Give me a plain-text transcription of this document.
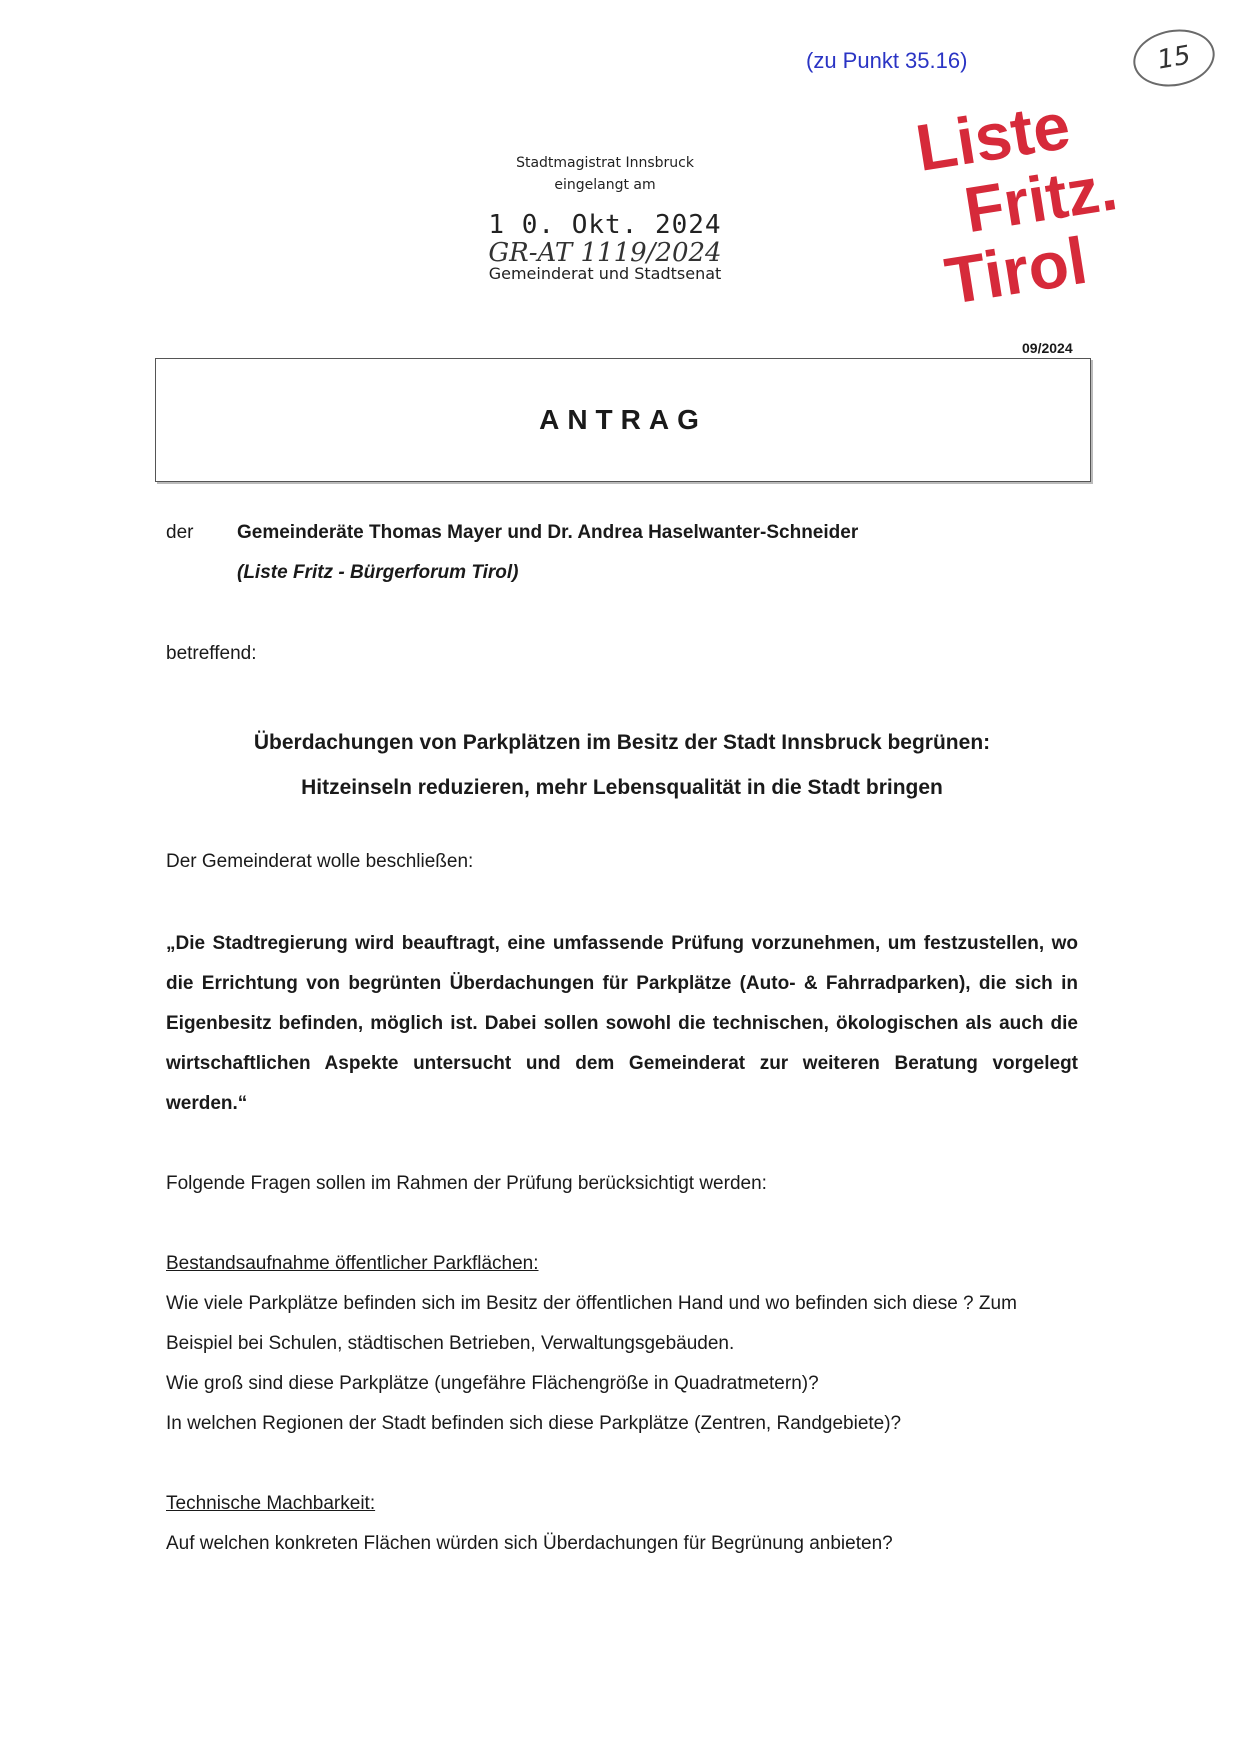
(zu Punkt 35.16)	15
Liste
Fritz.
Tirol
Stadtmagistrat Innsbruck
eingelangt am
1 0. Okt. 2024
GR-AT 1119/2024
Gemeinderat und Stadtsenat
09/2024
ANTRAG
der Gemeinderäte Thomas Mayer und Dr. Andrea Haselwanter-Schneider
(Liste Fritz - Bürgerforum Tirol)
betreffend:
Überdachungen von Parkplätzen im Besitz der Stadt Innsbruck begrünen:
Hitzeinseln reduzieren, mehr Lebensqualität in die Stadt bringen
Der Gemeinderat wolle beschließen:
„Die Stadtregierung wird beauftragt, eine umfassende Prüfung vorzunehmen, um festzustellen, wo die Errichtung von begrünten Überdachungen für Parkplätze (Auto- & Fahrradparken), die sich in Eigenbesitz befinden, möglich ist. Dabei sollen sowohl die technischen, ökologischen als auch die wirtschaftlichen Aspekte untersucht und dem Gemeinderat zur weiteren Beratung vorgelegt werden.“
Folgende Fragen sollen im Rahmen der Prüfung berücksichtigt werden:
Bestandsaufnahme öffentlicher Parkflächen:
Wie viele Parkplätze befinden sich im Besitz der öffentlichen Hand und wo befinden sich diese ? Zum Beispiel bei Schulen, städtischen Betrieben, Verwaltungsgebäuden.
Wie groß sind diese Parkplätze (ungefähre Flächengröße in Quadratmetern)?
In welchen Regionen der Stadt befinden sich diese Parkplätze (Zentren, Randgebiete)?
Technische Machbarkeit:
Auf welchen konkreten Flächen würden sich Überdachungen für Begrünung anbieten?
